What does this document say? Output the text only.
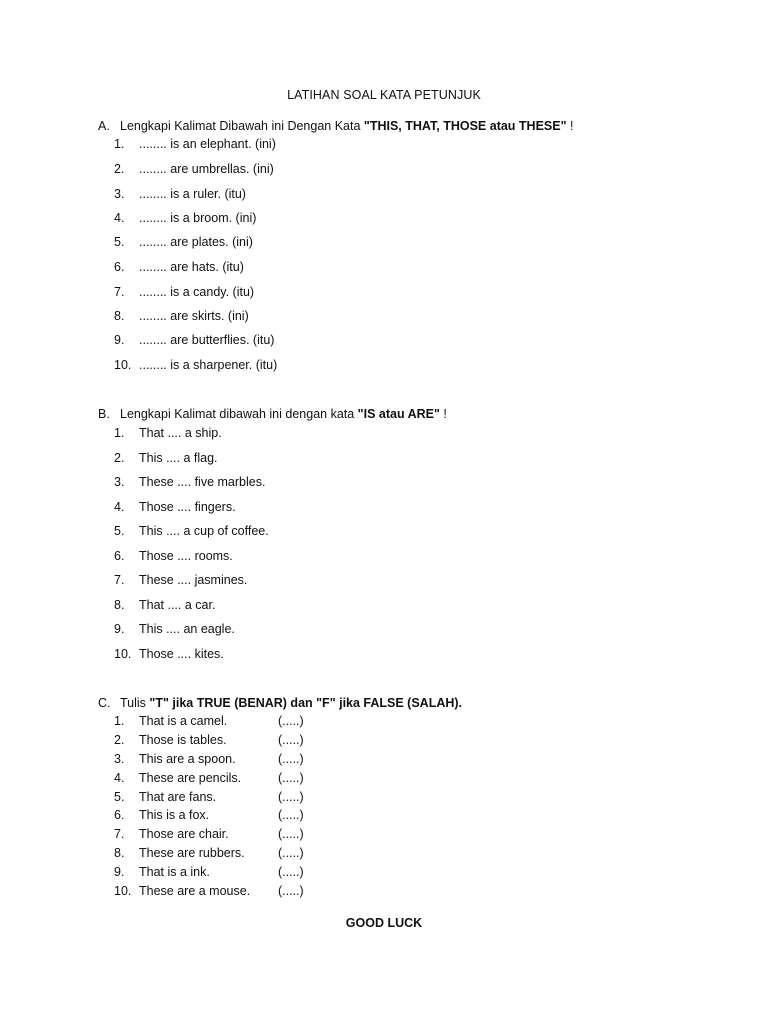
LATIHAN SOAL KATA PETUNJUK
A. Lengkapi Kalimat Dibawah ini Dengan Kata "THIS, THAT, THOSE atau THESE" !
1. ........ is an elephant. (ini)
2. ........ are umbrellas. (ini)
3. ........ is a ruler. (itu)
4. ........ is a broom. (ini)
5. ........ are plates. (ini)
6. ........ are hats. (itu)
7. ........ is a candy. (itu)
8. ........ are skirts. (ini)
9. ........ are butterflies. (itu)
10. ........ is a sharpener. (itu)
B. Lengkapi Kalimat dibawah ini dengan kata "IS atau ARE" !
1. That .... a ship.
2. This .... a flag.
3. These .... five marbles.
4. Those .... fingers.
5. This .... a cup of coffee.
6. Those .... rooms.
7. These .... jasmines.
8. That .... a car.
9. This .... an eagle.
10. Those .... kites.
C. Tulis "T" jika TRUE (BENAR) dan "F" jika FALSE (SALAH).
1. That is a camel.	(.....)
2. Those is tables.	(.....)
3. This are a spoon.	(.....)
4. These are pencils.	(.....)
5. That are fans.	(.....)
6. This is a fox.	(.....)
7. Those are chair.	(.....)
8. These are rubbers.	(.....)
9. That is a ink.	(.....)
10. These are a mouse. (.....)
GOOD LUCK
